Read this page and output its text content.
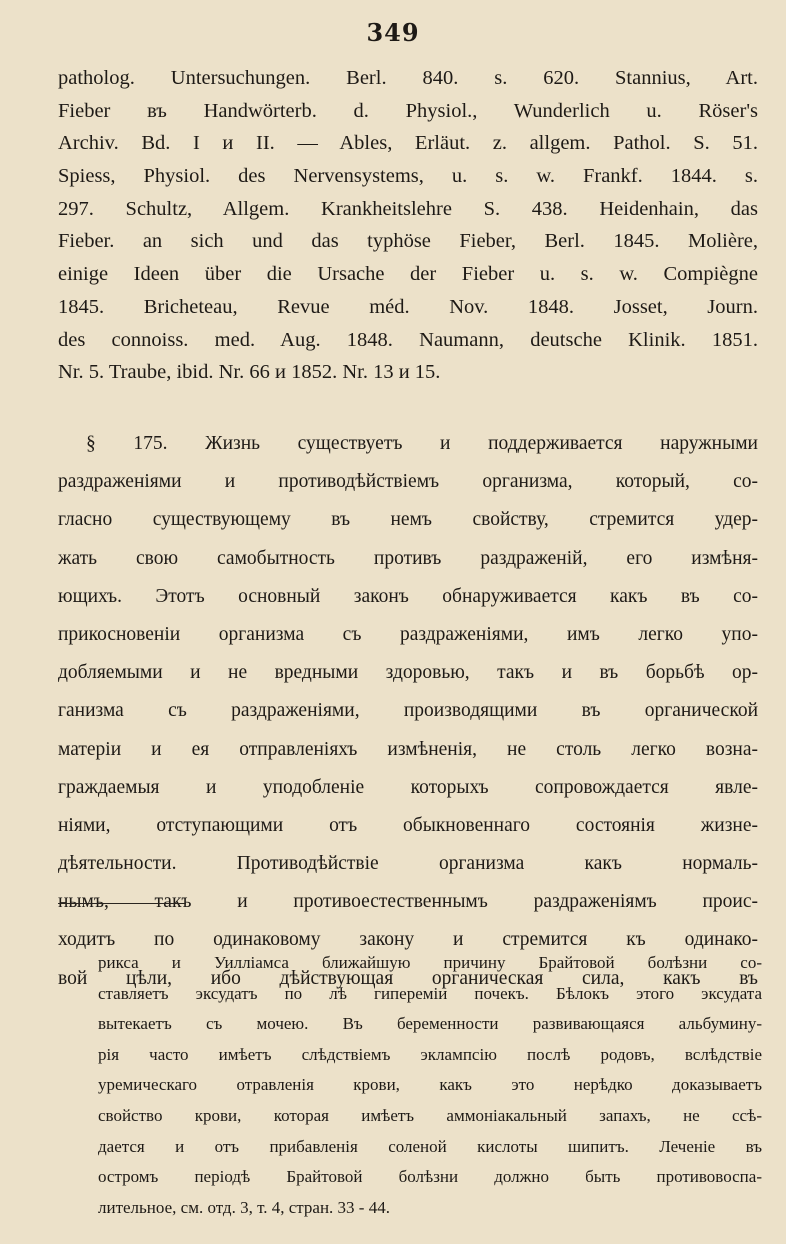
349
patholog. Untersuchungen. Berl. 840. s. 620. Stannius, Art.
Fieber въ Handwörterb. d. Physiol., Wunderlich u. Röser's
Archiv. Bd. I и II. — Ables, Erläut. z. allgem. Pathol. S. 51.
Spiess, Physiol. des Nervensystems, u. s. w. Frankf. 1844. s.
297. Schultz, Allgem. Krankheitslehre S. 438. Heidenhain, das
Fieber. an sich und das typhöse Fieber, Berl. 1845. Molière,
einige Ideen über die Ursache der Fieber u. s. w. Compiègne
1845. Bricheteau, Revue méd. Nov. 1848. Josset, Journ.
des connoiss. med. Aug. 1848. Naumann, deutsche Klinik. 1851.
Nr. 5. Traube, ibid. Nr. 66 и 1852. Nr. 13 и 15.
§ 175. Жизнь существуетъ и поддерживается наружными
раздраженіями и противодѣйствіемъ организма, который, со-
гласно существующему въ немъ свойству, стремится удер-
жать свою самобытность противъ раздраженій, его измѣня-
ющихъ. Этотъ основный законъ обнаруживается какъ въ со-
прикосновеніи организма съ раздраженіями, имъ легко упо-
добляемыми и не вредными здоровью, такъ и въ борьбѣ ор-
ганизма съ раздраженіями, производящими въ органической
матеріи и ея отправленіяхъ измѣненія, не столь легко возна-
граждаемыя и уподобленіе которыхъ сопровождается явле-
ніями, отступающими отъ обыкновеннаго состоянія жизне-
дѣятельности. Противодѣйствіе организма какъ нормаль-
нымъ, такъ и противоестественнымъ раздраженіямъ проис-
ходитъ по одинаковому закону и стремится къ одинако-
вой цѣли, ибо дѣйствующая органическая сила, какъ въ
рикса и Уилліамса ближайшую причину Брайтовой болѣзни со-
ставляетъ эксудатъ по лѣ гипереміи почекъ. Бѣлокъ этого эксудата
вытекаетъ съ мочею. Въ беременности развивающаяся альбумину-
рія часто имѣетъ слѣдствіемъ эклампсію послѣ родовъ, вслѣдствіе
уремическаго отравленія крови, какъ это нерѣдко доказываетъ
свойство крови, которая имѣетъ аммоніакальный запахъ, не ссѣ-
дается и отъ прибавленія соленой кислоты шипитъ. Леченіе въ
остромъ періодѣ Брайтовой болѣзни должно быть противовоспа-
лительное, см. отд. 3, т. 4, стран. 33 - 44.
